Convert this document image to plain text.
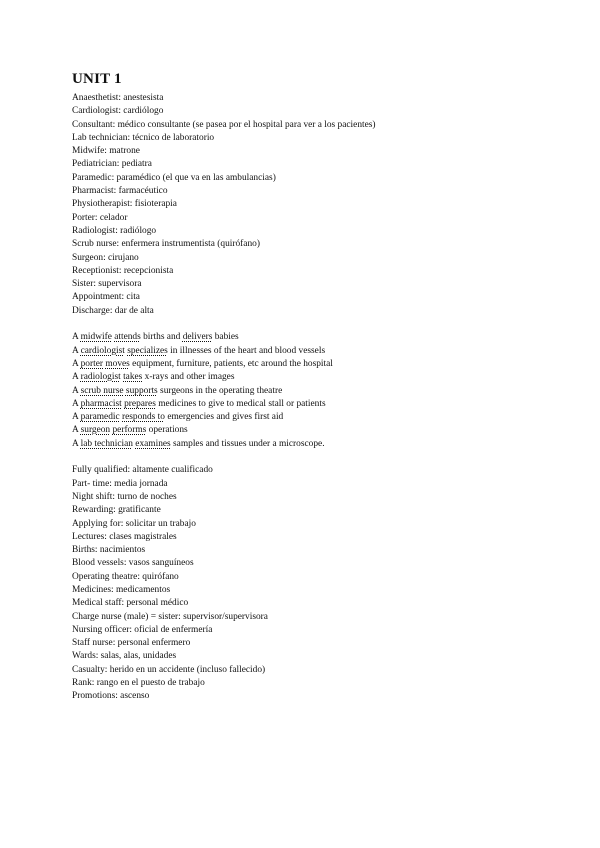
UNIT 1
Anaesthetist: anestesista
Cardiologist: cardiólogo
Consultant: médico consultante (se pasea por el hospital para ver a los pacientes)
Lab technician: técnico de laboratorio
Midwife: matrone
Pediatrician: pediatra
Paramedic: paramédico (el que va en las ambulancias)
Pharmacist: farmacéutico
Physiotherapist: fisioterapia
Porter: celador
Radiologist: radiólogo
Scrub nurse: enfermera instrumentista (quirófano)
Surgeon: cirujano
Receptionist: recepcionista
Sister: supervisora
Appointment: cita
Discharge: dar de alta
A midwife attends births and delivers babies
A cardiologist specializes in illnesses of the heart and blood vessels
A porter moves equipment, furniture, patients, etc around the hospital
A radiologist takes x-rays and other images
A scrub nurse supports surgeons in the operating theatre
A pharmacist prepares medicines to give to medical stall or patients
A paramedic responds to emergencies and gives first aid
A surgeon performs operations
A lab technician examines samples and tissues under a microscope.
Fully qualified: altamente cualificado
Part- time: media jornada
Night shift: turno de noches
Rewarding: gratificante
Applying for: solicitar un trabajo
Lectures: clases magistrales
Births: nacimientos
Blood vessels: vasos sanguíneos
Operating theatre: quirófano
Medicines: medicamentos
Medical staff: personal médico
Charge nurse (male) = sister: supervisor/supervisora
Nursing officer: oficial de enfermería
Staff nurse: personal enfermero
Wards: salas, alas, unidades
Casualty: herido en un accidente (incluso fallecido)
Rank: rango en el puesto de trabajo
Promotions: ascenso
